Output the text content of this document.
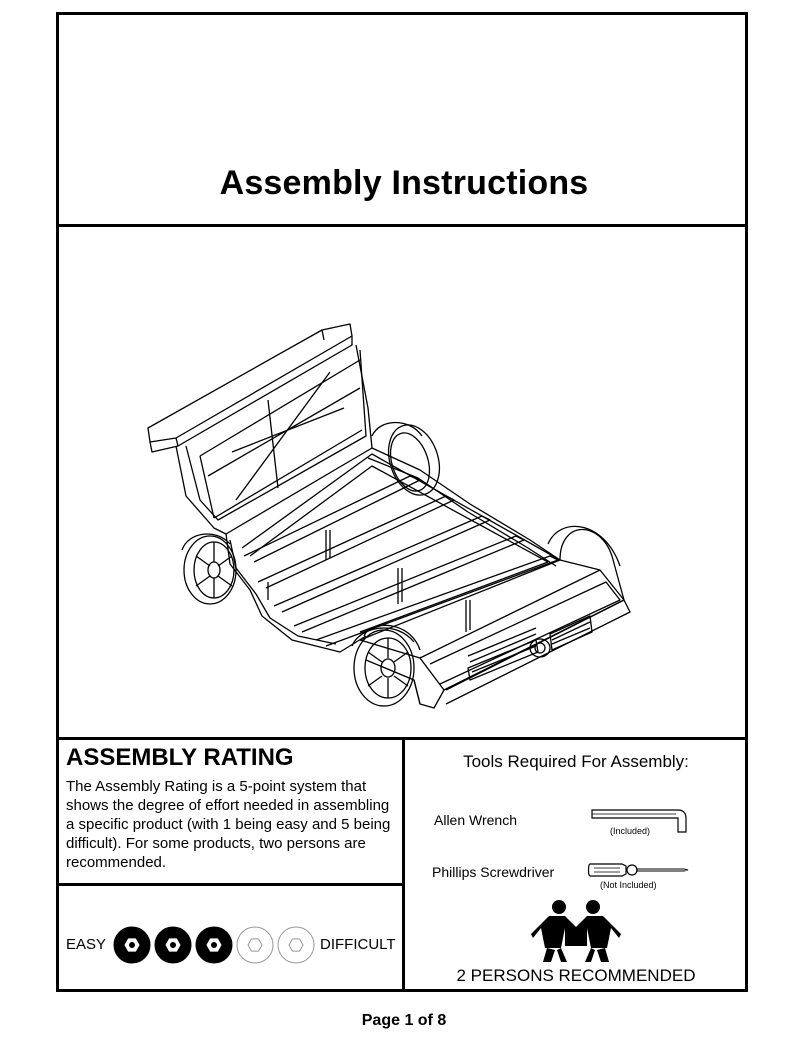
Assembly Instructions
ASSEMBLY RATING
The Assembly Rating is a 5-point system that shows the degree of effort needed in assembling a specific product (with 1 being easy and 5 being difficult). For some products, two persons are recommended.
EASY	DIFFICULT
Tools Required For Assembly:
Allen Wrench
(Included)
Phillips Screwdriver
(Not Included)
2 PERSONS RECOMMENDED
Page 1 of 8
